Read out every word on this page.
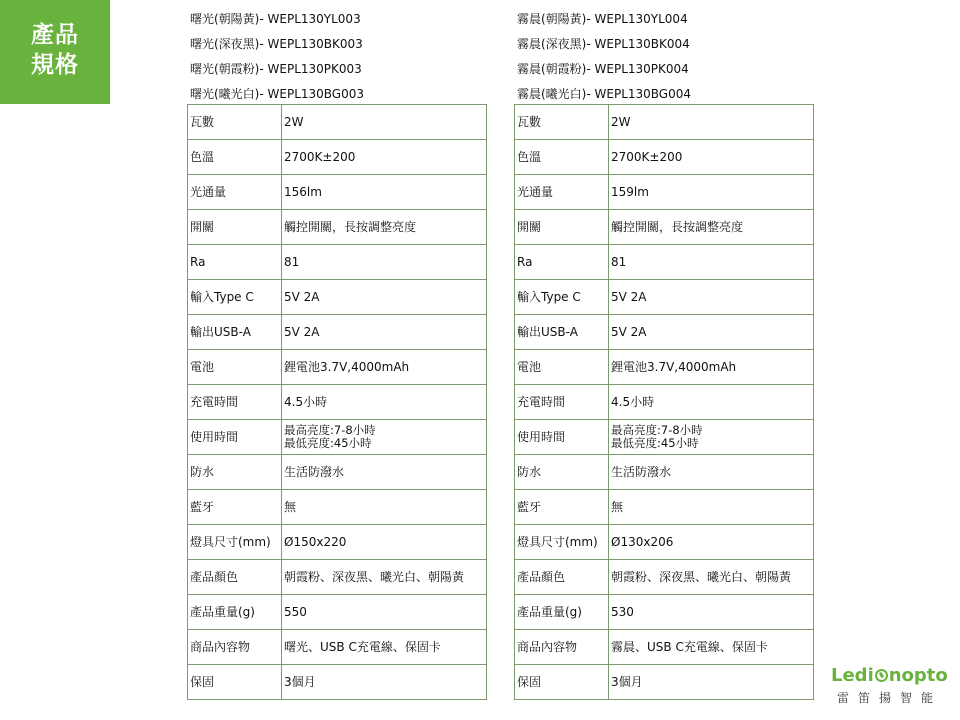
產品
規格
曙光(朝陽黃)- WEPL130YL003
曙光(深夜黑)- WEPL130BK003
曙光(朝霞粉)- WEPL130PK003
曙光(曦光白)- WEPL130BG003
霧晨(朝陽黃)- WEPL130YL004
霧晨(深夜黑)- WEPL130BK004
霧晨(朝霞粉)- WEPL130PK004
霧晨(曦光白)- WEPL130BG004
瓦數	2W
色溫	2700K±200
光通量	156lm
開關	觸控開關，長按調整亮度
Ra	81
輸入Type C	5V 2A
輸出USB-A	5V 2A
電池	鋰電池3.7V,4000mAh
充電時間	4.5小時
使用時間	最高亮度:7-8小時
最低亮度:45小時
防水	生活防潑水
藍牙	無
燈具尺寸(mm)	Ø150x220
產品顏色	朝霞粉、深夜黑、曦光白、朝陽黃
產品重量(g)	550
商品內容物	曙光、USB C充電線、保固卡
保固	3個月
瓦數	2W
色溫	2700K±200
光通量	159lm
開關	觸控開關，長按調整亮度
Ra	81
輸入Type C	5V 2A
輸出USB-A	5V 2A
電池	鋰電池3.7V,4000mAh
充電時間	4.5小時
使用時間	最高亮度:7-8小時
最低亮度:45小時
防水	生活防潑水
藍牙	無
燈具尺寸(mm)	Ø130x206
產品顏色	朝霞粉、深夜黑、曦光白、朝陽黃
產品重量(g)	530
商品內容物	霧晨、USB C充電線、保固卡
保固	3個月	Ledi nopto
雷笛揚智能
